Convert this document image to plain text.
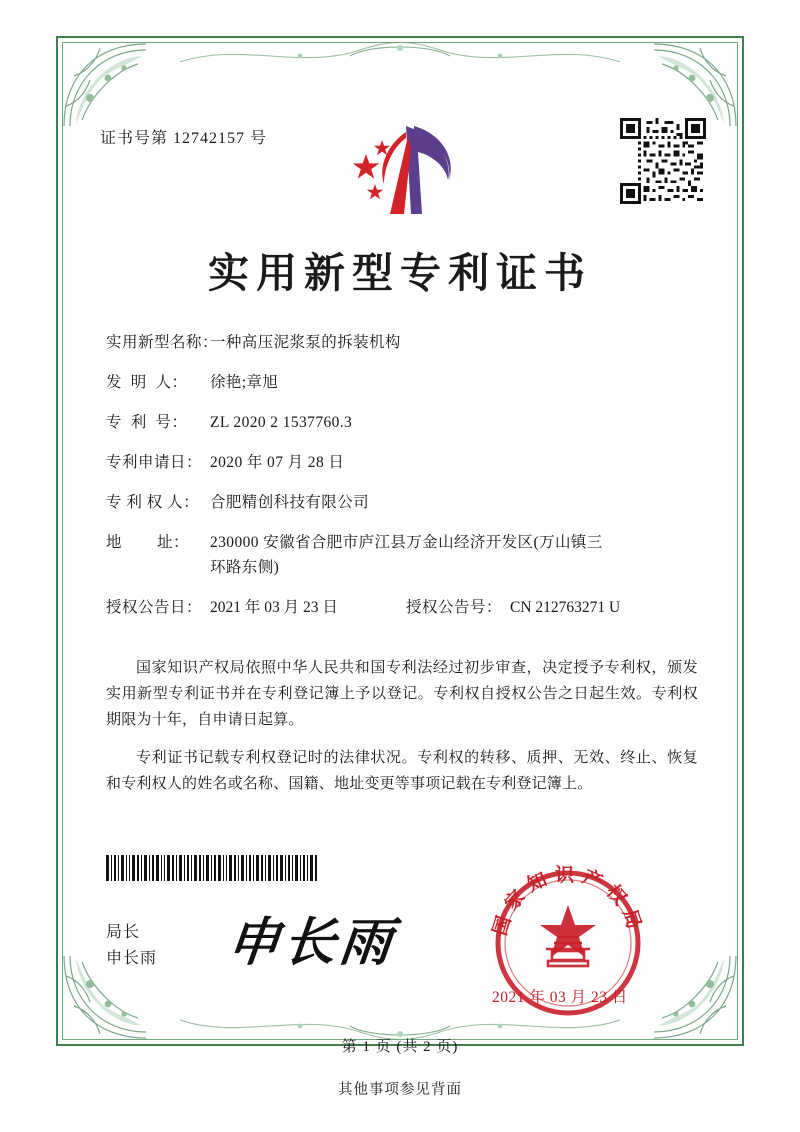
证书号第 12742157 号
实用新型专利证书
实用新型名称：
一种高压泥浆泵的拆装机构
发  明  人：	徐艳;章旭
专  利  号：	ZL 2020 2 1537760.3
专利申请日： 2020 年 07 月 28 日
专 利 权 人： 合肥精创科技有限公司
地        址：	230000 安徽省合肥市庐江县万金山经济开发区(万山镇三
环路东侧)
授权公告日： 2021 年 03 月 23 日	授权公告号： CN 212763271 U

国家知识产权局依照中华人民共和国专利法经过初步审查，决定授予专利权，颁发实用新型专利证书并在专利登记簿上予以登记。专利权自授权公告之日起生效。专利权期限为十年，自申请日起算。

专利证书记载专利权登记时的法律状况。专利权的转移、质押、无效、终止、恢复和专利权人的姓名或名称、国籍、地址变更等事项记载在专利登记簿上。

局长
申长雨 申长雨	国家知识产权局
2021 年 03 月 23 日
第 1 页 (共 2 页)
其他事项参见背面
